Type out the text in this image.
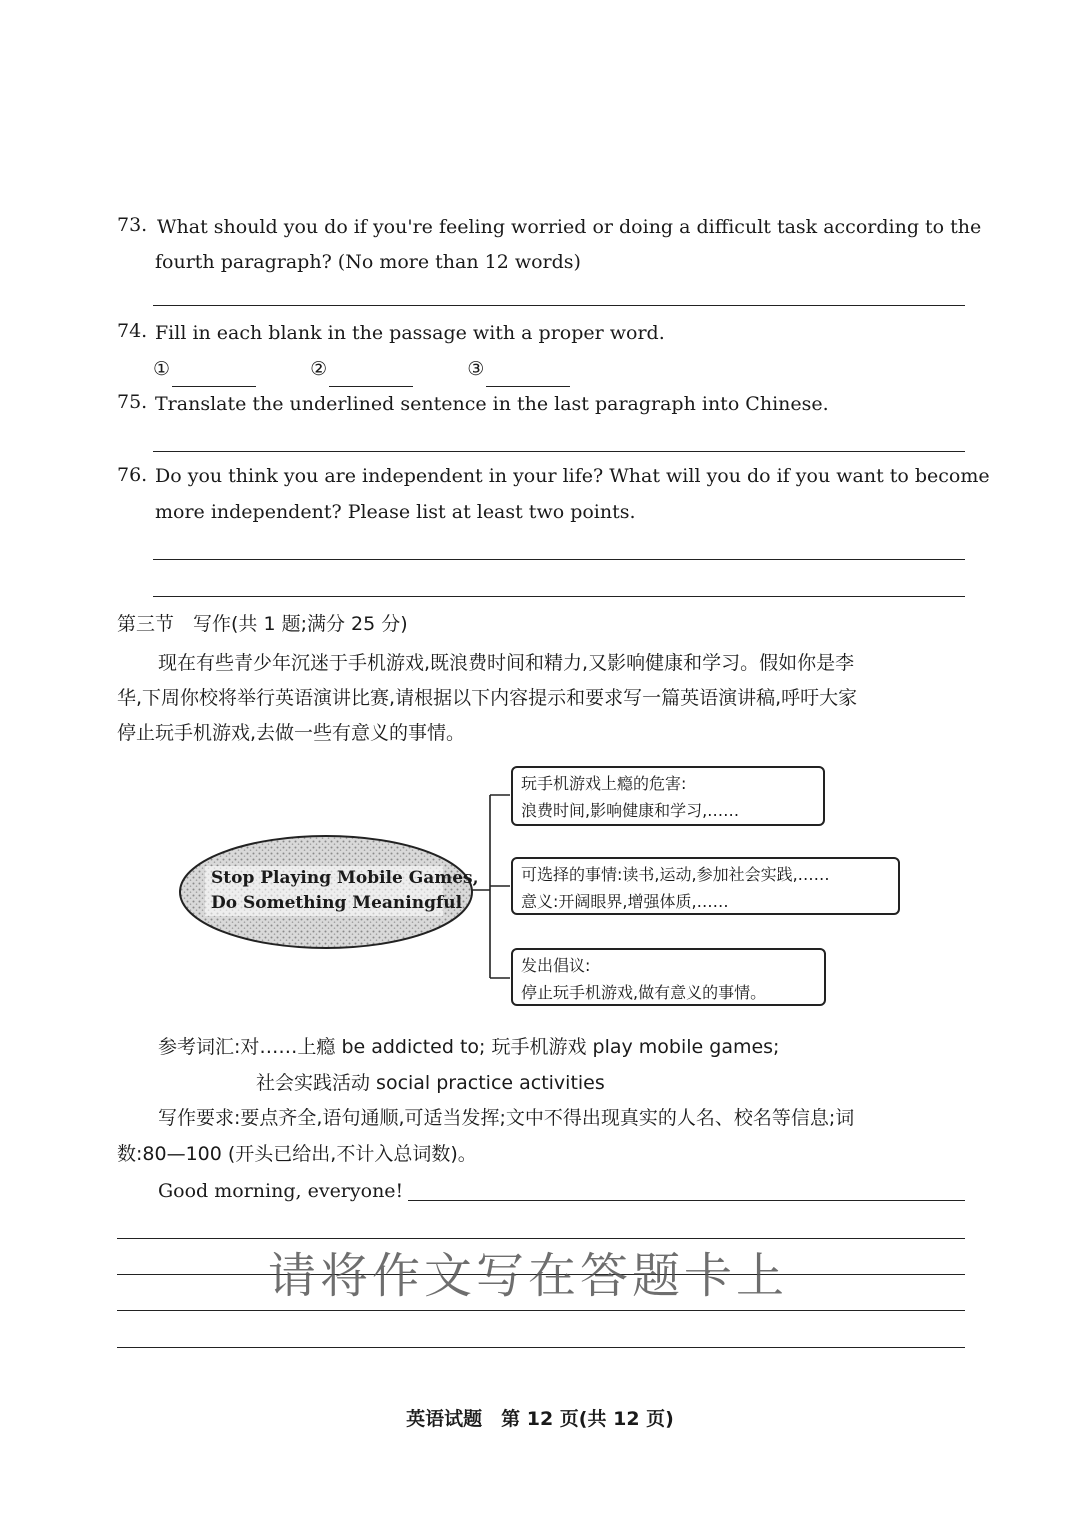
73. What should you do if you're feeling worried or doing a difficult task according to the
fourth paragraph? (No more than 12 words)
74. Fill in each blank in the passage with a proper word.
①	②	③
75. Translate the underlined sentence in the last paragraph into Chinese.
76. Do you think you are independent in your life? What will you do if you want to become
more independent? Please list at least two points.
第三节　写作(共 1 题;满分 25 分)
现在有些青少年沉迷于手机游戏,既浪费时间和精力,又影响健康和学习。假如你是李
华,下周你校将举行英语演讲比赛,请根据以下内容提示和要求写一篇英语演讲稿,呼吁大家
停止玩手机游戏,去做一些有意义的事情。
Stop Playing Mobile Games,
Do Something Meaningful
玩手机游戏上瘾的危害:
浪费时间,影响健康和学习,……
可选择的事情:读书,运动,参加社会实践,……
意义:开阔眼界,增强体质,……
发出倡议:
停止玩手机游戏,做有意义的事情。
参考词汇:对……上瘾 be addicted to; 玩手机游戏 play mobile games;
社会实践活动 social practice activities
写作要求:要点齐全,语句通顺,可适当发挥;文中不得出现真实的人名、校名等信息;词
数:80—100 (开头已给出,不计入总词数)。
Good morning, everyone!
请将作文写在答题卡上
英语试题　第 12 页(共 12 页)
